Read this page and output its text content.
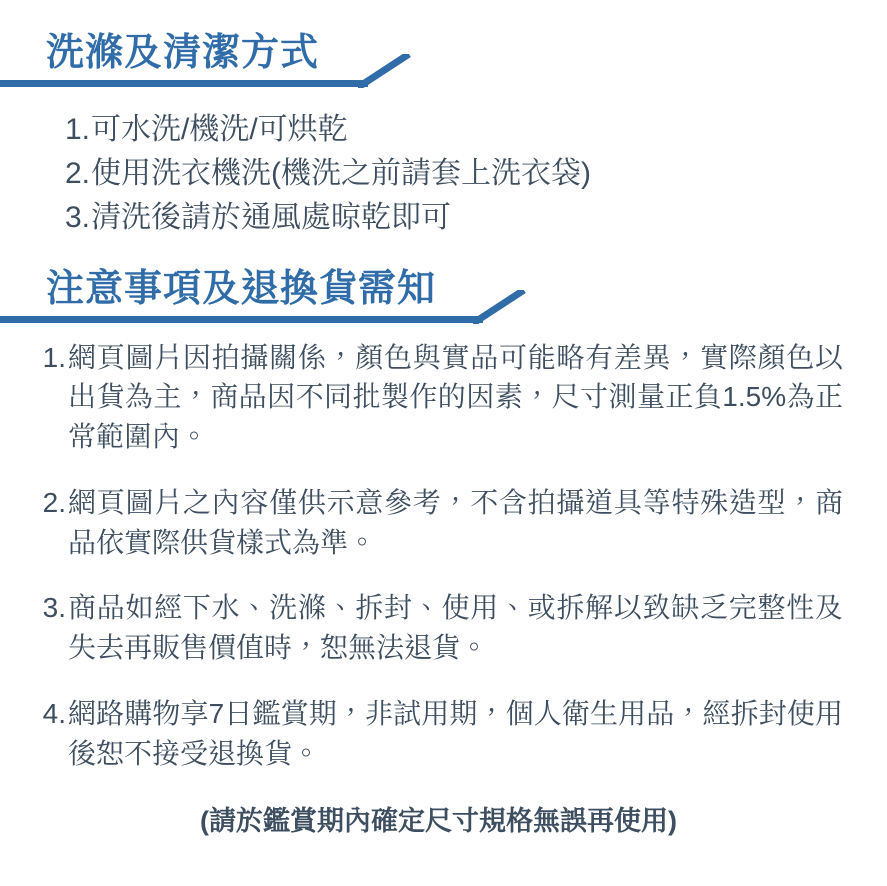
洗滌及清潔方式
1.可水洗/機洗/可烘乾
2.使用洗衣機洗(機洗之前請套上洗衣袋)
3.清洗後請於通風處晾乾即可
注意事項及退換貨需知
1. 網頁圖片因拍攝關係，顏色與實品可能略有差異，實際顏色以出貨為主，商品因不同批製作的因素，尺寸測量正負1.5%為正常範圍內。
2. 網頁圖片之內容僅供示意參考，不含拍攝道具等特殊造型，商品依實際供貨樣式為準。
3. 商品如經下水、洗滌、拆封、使用、或拆解以致缺乏完整性及失去再販售價值時，恕無法退貨。
4. 網路購物享7日鑑賞期，非試用期，個人衛生用品，經拆封使用後恕不接受退換貨。
(請於鑑賞期內確定尺寸規格無誤再使用)
